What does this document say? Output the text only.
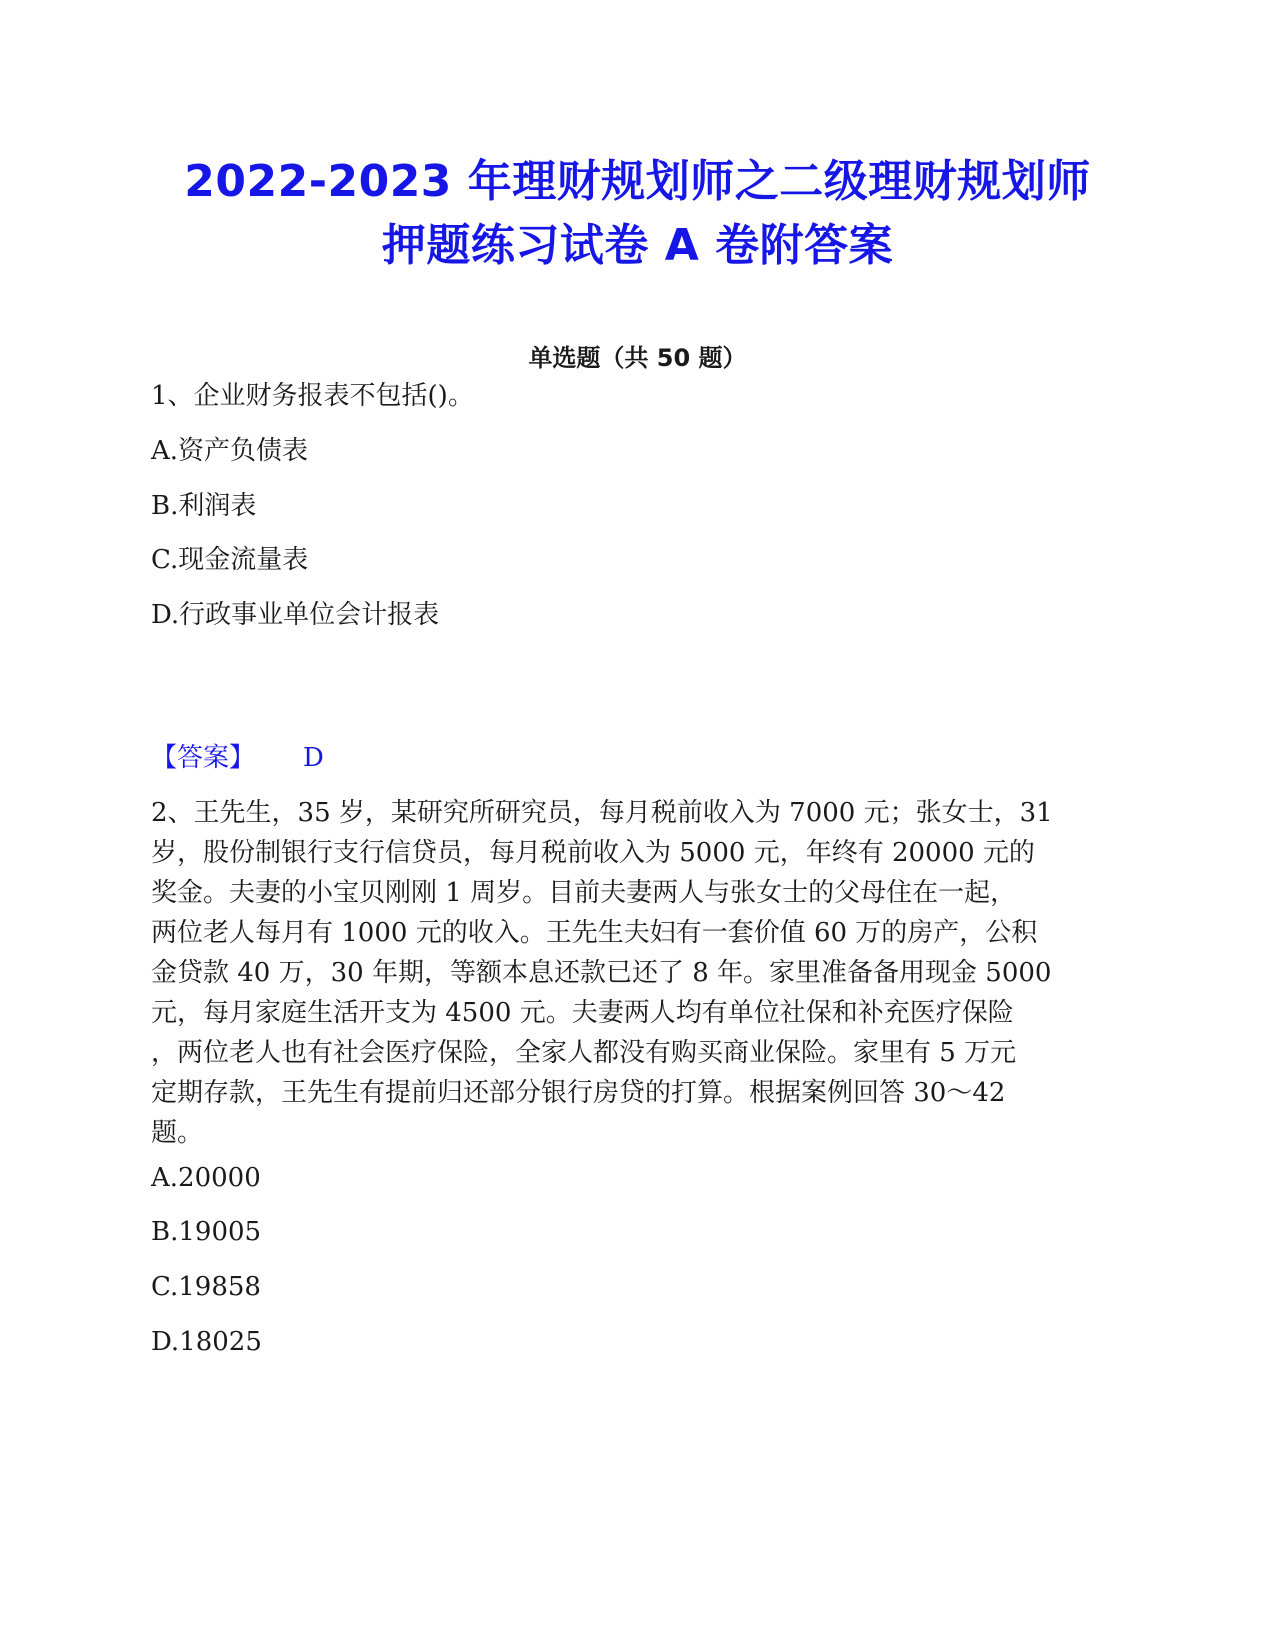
2022-2023 年理财规划师之二级理财规划师
押题练习试卷 A 卷附答案
单选题（共 50 题）
1、企业财务报表不包括()。
A.资产负债表
B.利润表
C.现金流量表
D.行政事业单位会计报表
【答案】 D
2、王先生，35 岁，某研究所研究员，每月税前收入为 7000 元；张女士，31
岁，股份制银行支行信贷员，每月税前收入为 5000 元，年终有 20000 元的
奖金。夫妻的小宝贝刚刚 1 周岁。目前夫妻两人与张女士的父母住在一起，
两位老人每月有 1000 元的收入。王先生夫妇有一套价值 60 万的房产，公积
金贷款 40 万，30 年期，等额本息还款已还了 8 年。家里准备备用现金 5000
元，每月家庭生活开支为 4500 元。夫妻两人均有单位社保和补充医疗保险
，两位老人也有社会医疗保险，全家人都没有购买商业保险。家里有 5 万元
定期存款，王先生有提前归还部分银行房贷的打算。根据案例回答 30～42
题。
A.20000
B.19005
C.19858
D.18025
